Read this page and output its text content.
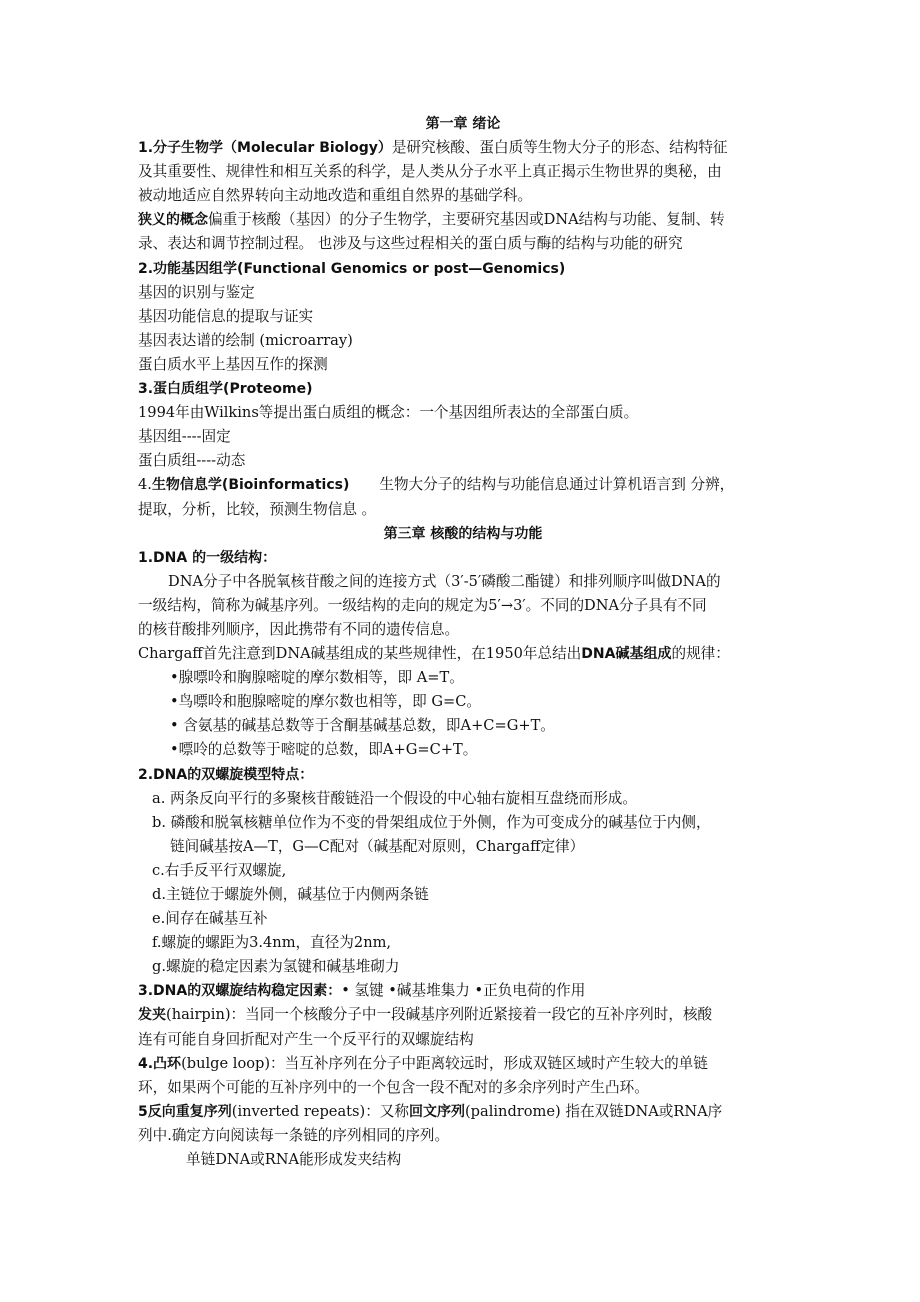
第一章 绪论
1.分子生物学（Molecular Biology）是研究核酸、蛋白质等生物大分子的形态、结构特征
及其重要性、规律性和相互关系的科学，是人类从分子水平上真正揭示生物世界的奥秘，由
被动地适应自然界转向主动地改造和重组自然界的基础学科。
狭义的概念偏重于核酸（基因）的分子生物学，主要研究基因或DNA结构与功能、复制、转
录、表达和调节控制过程。 也涉及与这些过程相关的蛋白质与酶的结构与功能的研究
2.功能基因组学(Functional Genomics or post—Genomics)
基因的识别与鉴定
基因功能信息的提取与证实
基因表达谱的绘制 (microarray)
蛋白质水平上基因互作的探测
3.蛋白质组学(Proteome)
1994年由Wilkins等提出蛋白质组的概念：一个基因组所表达的全部蛋白质。
基因组----固定
蛋白质组----动态
4.生物信息学(Bioinformatics) 生物大分子的结构与功能信息通过计算机语言到 分辨，
提取，分析，比较，预测生物信息 。
第三章 核酸的结构与功能
1.DNA 的一级结构：
DNA分子中各脱氧核苷酸之间的连接方式（3′-5′磷酸二酯键）和排列顺序叫做DNA的
一级结构，简称为碱基序列。一级结构的走向的规定为5′→3′。不同的DNA分子具有不同
的核苷酸排列顺序，因此携带有不同的遗传信息。
Chargaff首先注意到DNA碱基组成的某些规律性，在1950年总结出DNA碱基组成的规律：
•腺嘌呤和胸腺嘧啶的摩尔数相等，即 A=T。
•鸟嘌呤和胞腺嘧啶的摩尔数也相等，即 G=C。
• 含氨基的碱基总数等于含酮基碱基总数，即A+C=G+T。
•嘌呤的总数等于嘧啶的总数，即A+G=C+T。
2.DNA的双螺旋模型特点：
a. 两条反向平行的多聚核苷酸链沿一个假设的中心轴右旋相互盘绕而形成。
b. 磷酸和脱氧核糖单位作为不变的骨架组成位于外侧，作为可变成分的碱基位于内侧，
链间碱基按A—T，G—C配对（碱基配对原则，Chargaff定律）
c.右手反平行双螺旋,
d.主链位于螺旋外侧，碱基位于内侧两条链
e.间存在碱基互补
f.螺旋的螺距为3.4nm，直径为2nm,
g.螺旋的稳定因素为氢键和碱基堆砌力
3.DNA的双螺旋结构稳定因素：• 氢键 •碱基堆集力 •正负电荷的作用
发夹(hairpin)：当同一个核酸分子中一段碱基序列附近紧接着一段它的互补序列时，核酸
连有可能自身回折配对产生一个反平行的双螺旋结构
4.凸环(bulge loop)：当互补序列在分子中距离较远时，形成双链区域时产生较大的单链
环，如果两个可能的互补序列中的一个包含一段不配对的多余序列时产生凸环。
5反向重复序列(inverted repeats)：又称回文序列(palindrome) 指在双链DNA或RNA序
列中.确定方向阅读每一条链的序列相同的序列。
单链DNA或RNA能形成发夹结构
